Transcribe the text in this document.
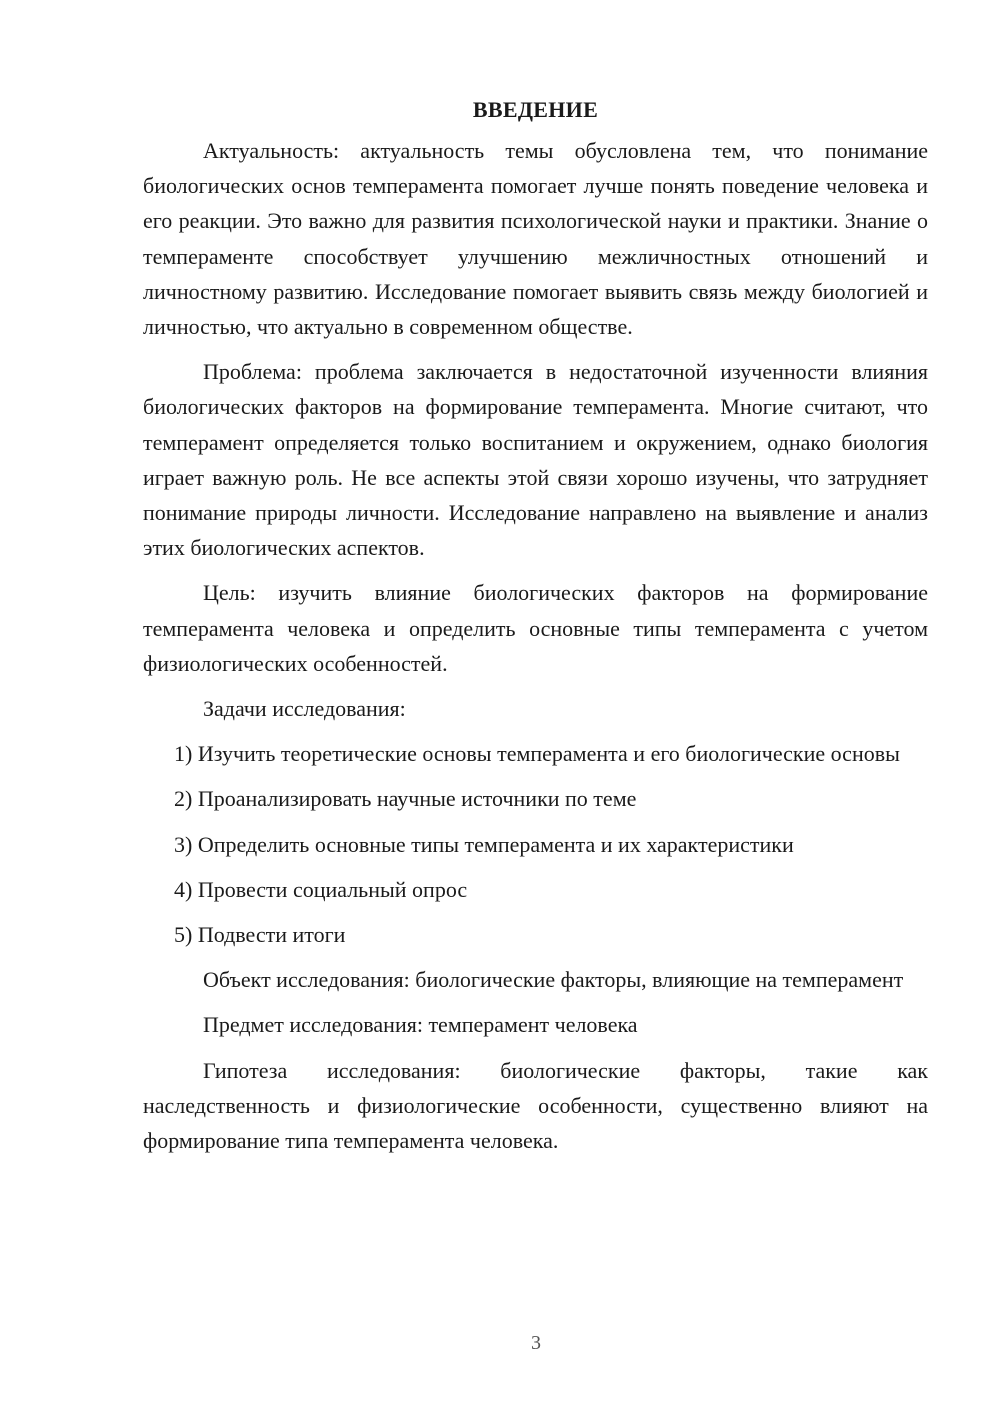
ВВЕДЕНИЕ

Актуальность: актуальность темы обусловлена тем, что понимание биологических основ темперамента помогает лучше понять поведение человека и его реакции. Это важно для развития психологической науки и практики. Знание о темпераменте способствует улучшению межличностных отношений и личностному развитию. Исследование помогает выявить связь между биологией и личностью, что актуально в современном обществе.

Проблема: проблема заключается в недостаточной изученности влияния биологических факторов на формирование темперамента. Многие считают, что темперамент определяется только воспитанием и окружением, однако биология играет важную роль. Не все аспекты этой связи хорошо изучены, что затрудняет понимание природы личности. Исследование направлено на выявление и анализ этих биологических аспектов.

Цель: изучить влияние биологических факторов на формирование темперамента человека и определить основные типы темперамента с учетом физиологических особенностей.

Задачи исследования:

1) Изучить теоретические основы темперамента и его биологические основы

2) Проанализировать научные источники по теме

3) Определить основные типы темперамента и их характеристики

4) Провести социальный опрос

5) Подвести итоги

Объект исследования: биологические факторы, влияющие на темперамент

Предмет исследования: темперамент человека

Гипотеза исследования: биологические факторы, такие как наследственность и физиологические особенности, существенно влияют на формирование типа темперамента человека.

3
